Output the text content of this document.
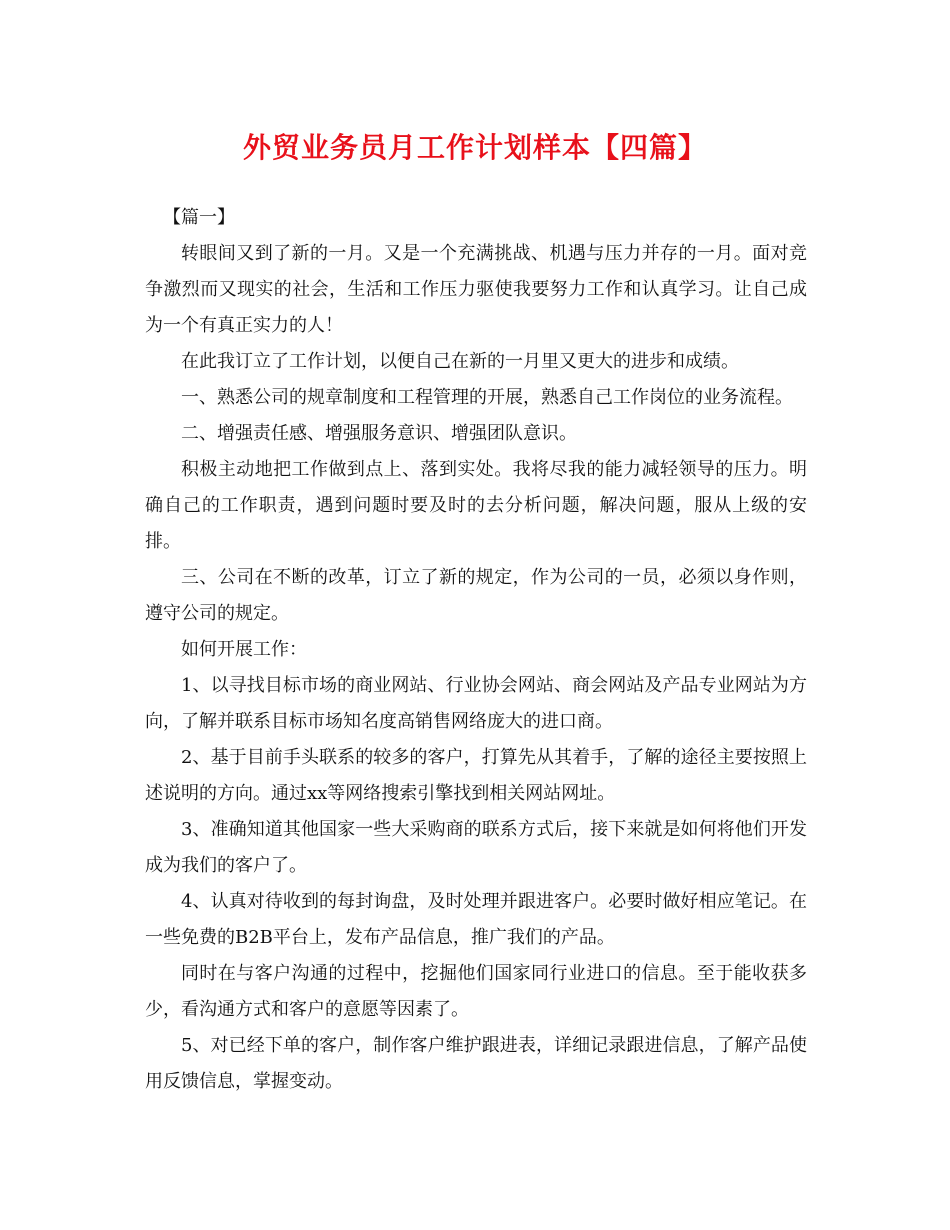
外贸业务员月工作计划样本【四篇】

【篇一】

转眼间又到了新的一月。又是一个充满挑战、机遇与压力并存的一月。面对竞争激烈而又现实的社会，生活和工作压力驱使我要努力工作和认真学习。让自己成为一个有真正实力的人！

在此我订立了工作计划，以便自己在新的一月里又更大的进步和成绩。

一、熟悉公司的规章制度和工程管理的开展，熟悉自己工作岗位的业务流程。

二、增强责任感、增强服务意识、增强团队意识。

积极主动地把工作做到点上、落到实处。我将尽我的能力减轻领导的压力。明确自己的工作职责，遇到问题时要及时的去分析问题，解决问题，服从上级的安排。

三、公司在不断的改革，订立了新的规定，作为公司的一员，必须以身作则，遵守公司的规定。

如何开展工作：

1、以寻找目标市场的商业网站、行业协会网站、商会网站及产品专业网站为方向，了解并联系目标市场知名度高销售网络庞大的进口商。

2、基于目前手头联系的较多的客户，打算先从其着手，了解的途径主要按照上述说明的方向。通过xx等网络搜索引擎找到相关网站网址。

3、准确知道其他国家一些大采购商的联系方式后，接下来就是如何将他们开发成为我们的客户了。

4、认真对待收到的每封询盘，及时处理并跟进客户。必要时做好相应笔记。在一些免费的B2B平台上，发布产品信息，推广我们的产品。

同时在与客户沟通的过程中，挖掘他们国家同行业进口的信息。至于能收获多少，看沟通方式和客户的意愿等因素了。

5、对已经下单的客户，制作客户维护跟进表，详细记录跟进信息，了解产品使用反馈信息，掌握变动。
